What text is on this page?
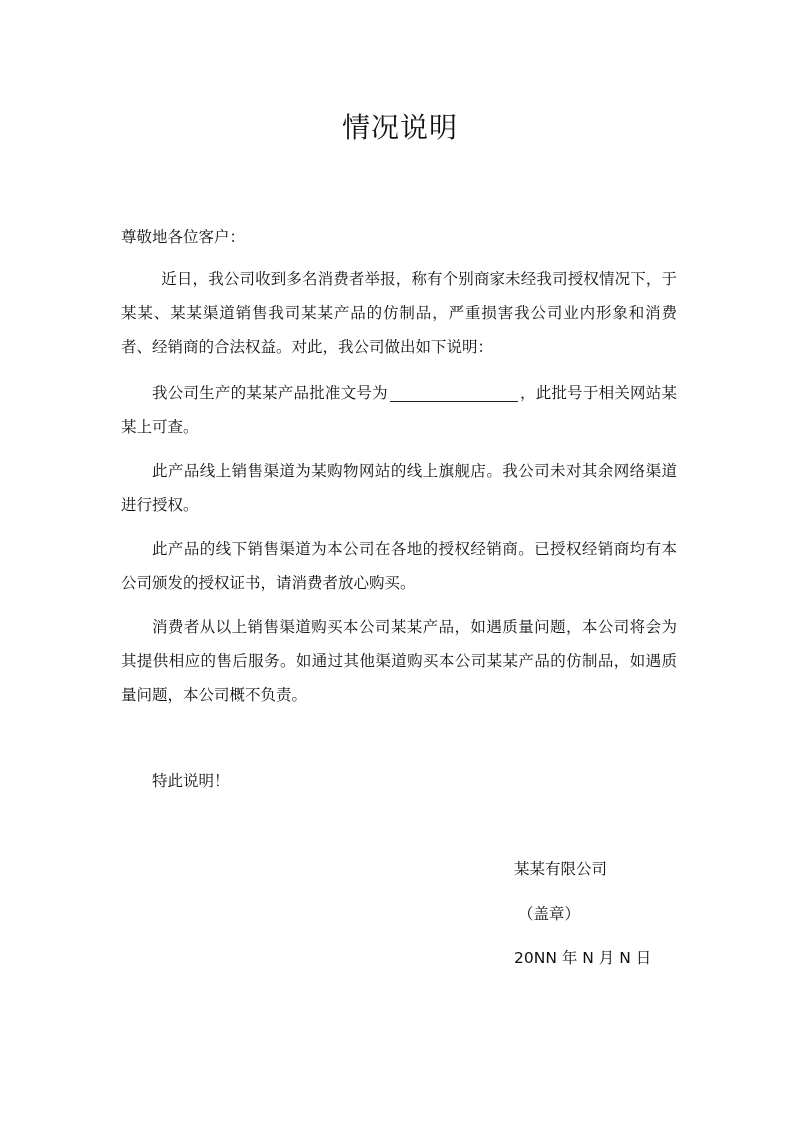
情况说明
尊敬地各位客户：

近日，我公司收到多名消费者举报，称有个别商家未经我司授权情况下，于某某、某某渠道销售我司某某产品的仿制品，严重损害我公司业内形象和消费者、经销商的合法权益。对此，我公司做出如下说明：

我公司生产的某某产品批准文号为	，此批号于相关网站某某上可查。

此产品线上销售渠道为某购物网站的线上旗舰店。我公司未对其余网络渠道进行授权。

此产品的线下销售渠道为本公司在各地的授权经销商。已授权经销商均有本公司颁发的授权证书，请消费者放心购买。

消费者从以上销售渠道购买本公司某某产品，如遇质量问题，本公司将会为其提供相应的售后服务。如通过其他渠道购买本公司某某产品的仿制品，如遇质量问题，本公司概不负责。

特此说明！

某某有限公司
（盖章）
20NN 年 N 月 N 日
